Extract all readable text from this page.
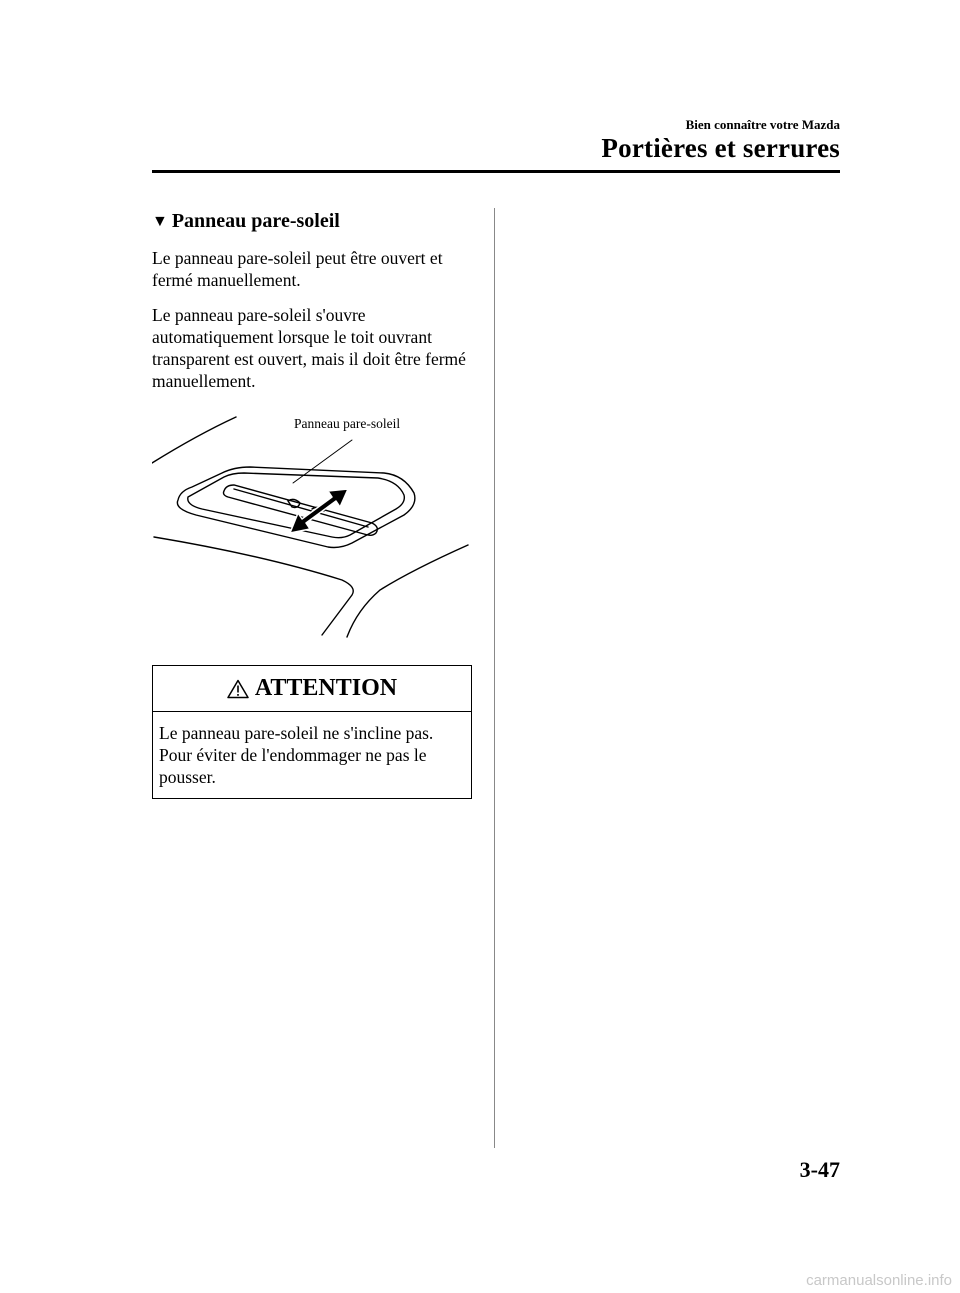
Bien connaître votre Mazda
Portières et serrures
▼ Panneau pare-soleil

Le panneau pare-soleil peut être ouvert et fermé manuellement.

Le panneau pare-soleil s'ouvre automatiquement lorsque le toit ouvrant transparent est ouvert, mais il doit être fermé manuellement.

Panneau pare-soleil
ATTENTION
Le panneau pare-soleil ne s'incline pas. Pour éviter de l'endommager ne pas le pousser.
3-47
carmanualsonline.info
